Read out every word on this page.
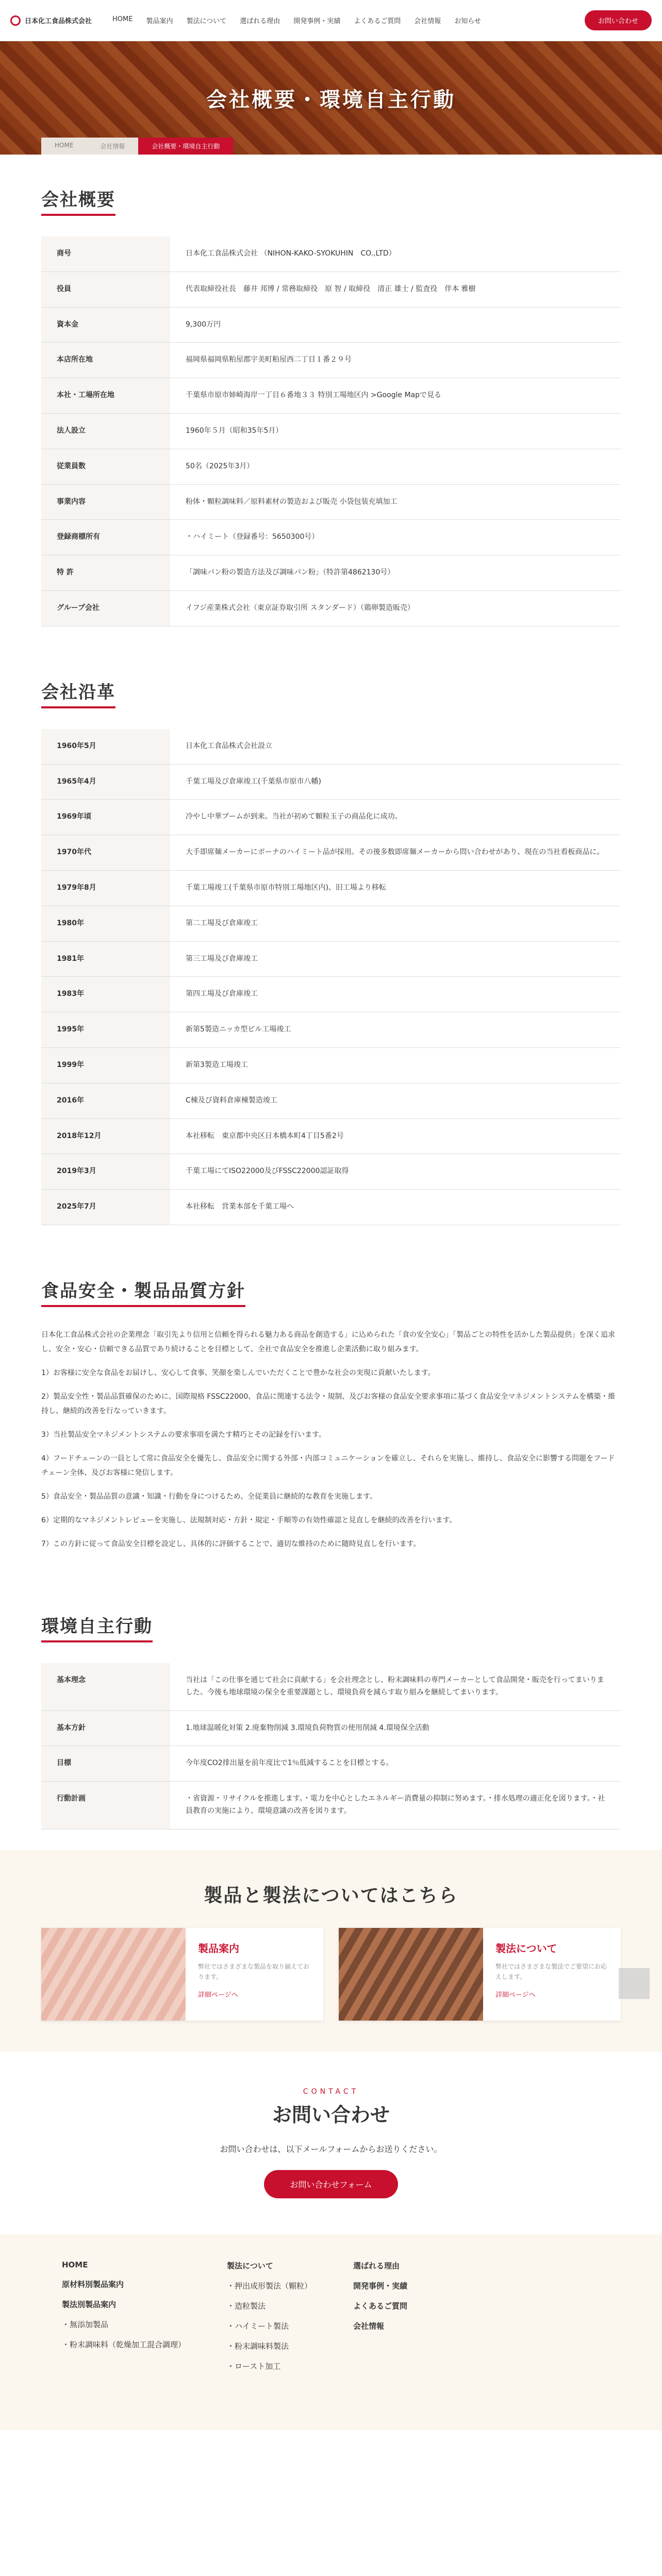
日本化工食品株式会社	HOME 製品案内 製法について 選ばれる理由 開発事例・実績 よくあるご質問 会社情報 お知らせ	お問い合わせ
会社概要・環境自主行動
HOME	会社情報	会社概要・環境自主行動
会社概要
商号	日本化工食品株式会社 （NIHON-KAKO-SYOKUHIN　CO.,LTD）
役員	代表取締役社長　藤井 邦博 / 常務取締役　原 智 / 取締役　清正 雄士 / 監査役　伴本 雅樹
資本金	9,300万円
本店所在地	福岡県福岡県粕屋郡宇美町粕屋西二丁目１番２９号
本社・工場所在地	千葉県市原市姉崎海岸一丁目６番地３３ 特別工場地区内 >Google Mapで見る
法人設立	1960年５月（昭和35年5月）
従業員数	50名（2025年3月）
事業内容	粉体・顆粒調味料／原料素材の製造および販売 小袋包装充填加工
登録商標所有	・ハイミート（登録番号：5650300号）
特 許	「調味パン粉の製造方法及び調味パン粉」（特許第4862130号）
グループ会社	イフジ産業株式会社（東京証券取引所 スタンダード）（鶏卵製造販売）
会社沿革
1960年5月	日本化工食品株式会社設立
1965年4月	千葉工場及び倉庫竣工(千葉県市原市八幡)
1969年頃	冷やし中華ブームが到来。当社が初めて顆粒玉子の商品化に成功。
1970年代	大手即席麺メーカーにボーナのハイミート品が採用。その後多数即席麺メーカーから問い合わせがあり、現在の当社看板商品に。
1979年8月	千葉工場竣工(千葉県市原市特別工場地区内)、旧工場より移転
1980年	第二工場及び倉庫竣工
1981年	第三工場及び倉庫竣工
1983年	第四工場及び倉庫竣工
1995年	新第5製造ニッカ型ビル工場竣工
1999年	新第3製造工場竣工
2016年	C棟及び資料倉庫棟製造竣工
2018年12月	本社移転　東京都中央区日本橋本町4丁目5番2号
2019年3月	千葉工場にてISO22000及びFSSC22000認証取得
2025年7月	本社移転　営業本部を千葉工場へ
食品安全・製品品質方針

日本化工食品株式会社の企業理念「取引先より信用と信頼を得られる魅力ある商品を創造する」に込められた「食の安全安心」「製品ごとの特性を活かした製品提供」を深く追求し、安全・安心・信頼できる品質であり続けることを目標として、全社で食品安全を推進し企業活動に取り組みます。

1）お客様に安全な食品をお届けし、安心して食事、笑顔を楽しんでいただくことで豊かな社会の実現に貢献いたします。

2）製品安全性・製品品質確保のために、国際規格 FSSC22000、食品に関連する法令・規制、及びお客様の食品安全要求事項に基づく食品安全マネジメントシステムを構築・維持し、継続的改善を行なっていきます。

3）当社製品安全マネジメントシステムの要求事項を満たす精巧とその記録を行います。

4）フードチェーンの一員として常に食品安全を優先し、食品安全に関する外部・内部コミュニケーションを確立し、それらを実施し、維持し、食品安全に影響する問題をフードチェーン全体、及びお客様に発信します。

5）食品安全・製品品質の意識・知識・行動を身につけるため、全従業員に継続的な教育を実施します。

6）定期的なマネジメントレビューを実施し、法規制対応・方針・規定・手順等の有効性確認と見直しを継続的改善を行います。

7）この方針に従って食品安全目標を設定し、具体的に評価することで、適切な維持のために随時見直しを行います。

環境自主行動
基本理念	当社は「この仕事を通じて社会に貢献する」を会社理念とし、粉末調味料の専門メーカーとして食品開発・販売を行ってまいりました。今後も地球環境の保全を重要課題とし、環境負荷を減らす取り組みを継続してまいります。
基本方針	1.地球温暖化対策 2.廃棄物削減 3.環境負荷物質の使用削減 4.環境保全活動
目標	今年度CO2排出量を前年度比で1％低減することを目標とする。
行動計画	・省資源・リサイクルを推進します。・電力を中心としたエネルギー消費量の抑制に努めます。・排水処理の適正化を図ります。・社員教育の実施により、環境意識の改善を図ります。
製品と製法についてはこちら
製品案内

弊社ではさまざまな製品を取り揃えております。

詳細ページへ
製法について

弊社ではさまざまな製法でご要望にお応えします。

詳細ページへ
CONTACT
お問い合わせ

お問い合わせは、以下メールフォームからお送りください。

お問い合わせフォーム
HOME
原材料別製品案内
製法別製品案内
・無添加製品
・粉末調味料（乾燥加工混合調理）
製法について
・押出成形製法（顆粒）
・造粒製法
・ハイミート製法
・粉末調味料製法
・ロースト加工
選ばれる理由
開発事例・実績
よくあるご質問
会社情報
